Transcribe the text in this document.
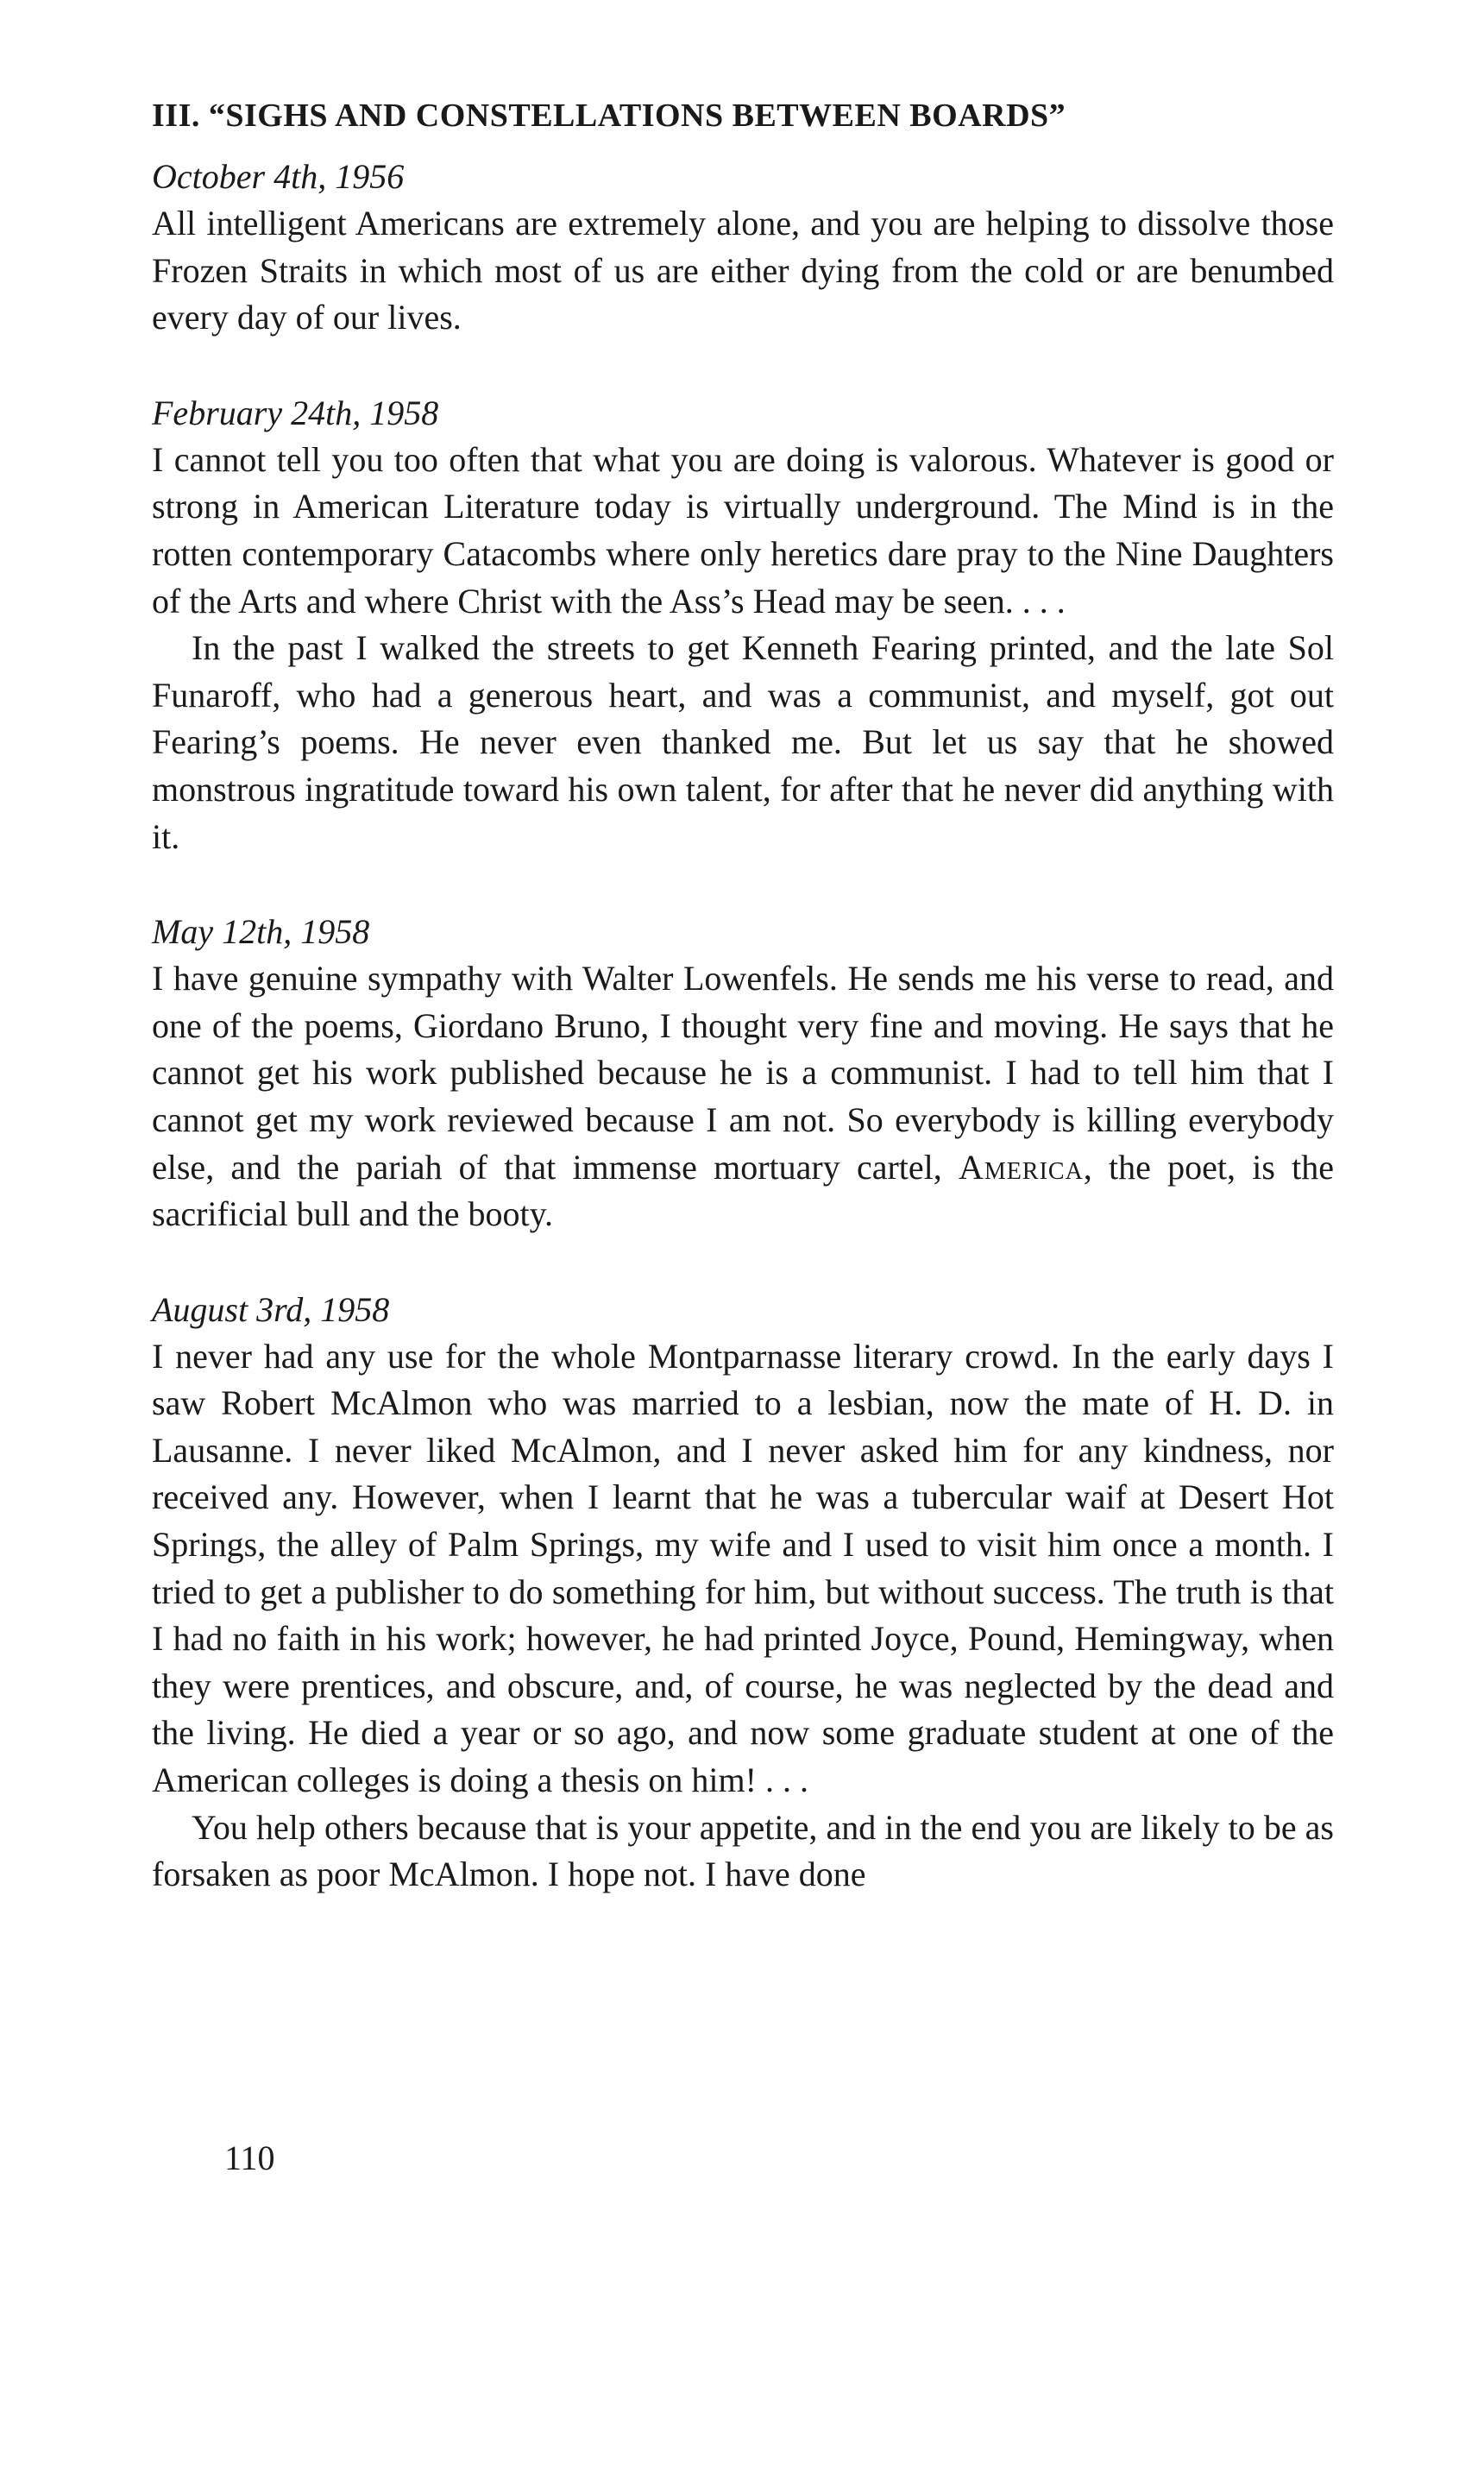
III. “SIGHS AND CONSTELLATIONS BETWEEN BOARDS”

October 4th, 1956

All intelligent Americans are extremely alone, and you are helping to dissolve those Frozen Straits in which most of us are either dying from the cold or are benumbed every day of our lives.

February 24th, 1958

I cannot tell you too often that what you are doing is valorous. Whatever is good or strong in American Literature today is virtually underground. The Mind is in the rotten contemporary Catacombs where only heretics dare pray to the Nine Daughters of the Arts and where Christ with the Ass’s Head may be seen. . . .

In the past I walked the streets to get Kenneth Fearing printed, and the late Sol Funaroff, who had a generous heart, and was a communist, and myself, got out Fearing’s poems. He never even thanked me. But let us say that he showed monstrous ingratitude toward his own talent, for after that he never did anything with it.

May 12th, 1958

I have genuine sympathy with Walter Lowenfels. He sends me his verse to read, and one of the poems, Giordano Bruno, I thought very fine and moving. He says that he cannot get his work published because he is a communist. I had to tell him that I cannot get my work reviewed because I am not. So everybody is killing everybody else, and the pariah of that immense mortuary cartel, America, the poet, is the sacrificial bull and the booty.

August 3rd, 1958

I never had any use for the whole Montparnasse literary crowd. In the early days I saw Robert McAlmon who was married to a lesbian, now the mate of H. D. in Lausanne. I never liked McAlmon, and I never asked him for any kindness, nor received any. However, when I learnt that he was a tubercular waif at Desert Hot Springs, the alley of Palm Springs, my wife and I used to visit him once a month. I tried to get a publisher to do something for him, but without success. The truth is that I had no faith in his work; however, he had printed Joyce, Pound, Hemingway, when they were prentices, and obscure, and, of course, he was neglected by the dead and the living. He died a year or so ago, and now some graduate student at one of the American colleges is doing a thesis on him! . . .

You help others because that is your appetite, and in the end you are likely to be as forsaken as poor McAlmon. I hope not. I have done

110
